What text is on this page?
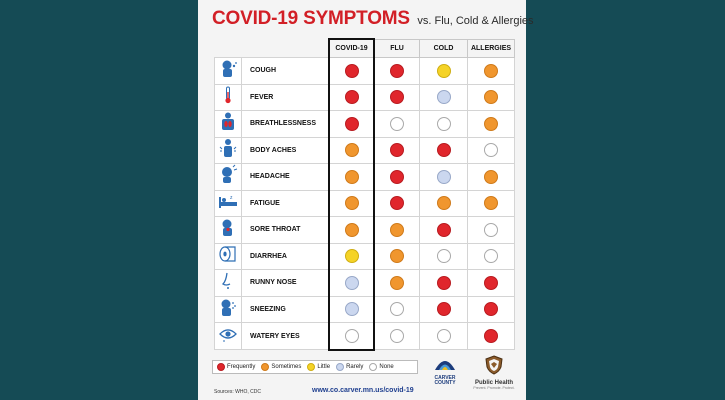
COVID-19 SYMPTOMS vs. Flu, Cold & Allergies
		COVID-19	FLU	COLD	ALLERGIES
	COUGH				
	FEVER				
	BREATHLESSNESS				
	BODY ACHES				
	HEADACHE				

z	FATIGUE				
	SORE THROAT				
	DIARRHEA				
	RUNNY NOSE				
	SNEEZING				
	WATERY EYES				
Frequently	Sometimes	Little	Rarely	None
Sources: WHO, CDC	www.co.carver.mn.us/covid-19
CARVER
COUNTY	Public Health
Prevent. Promote. Protect.
